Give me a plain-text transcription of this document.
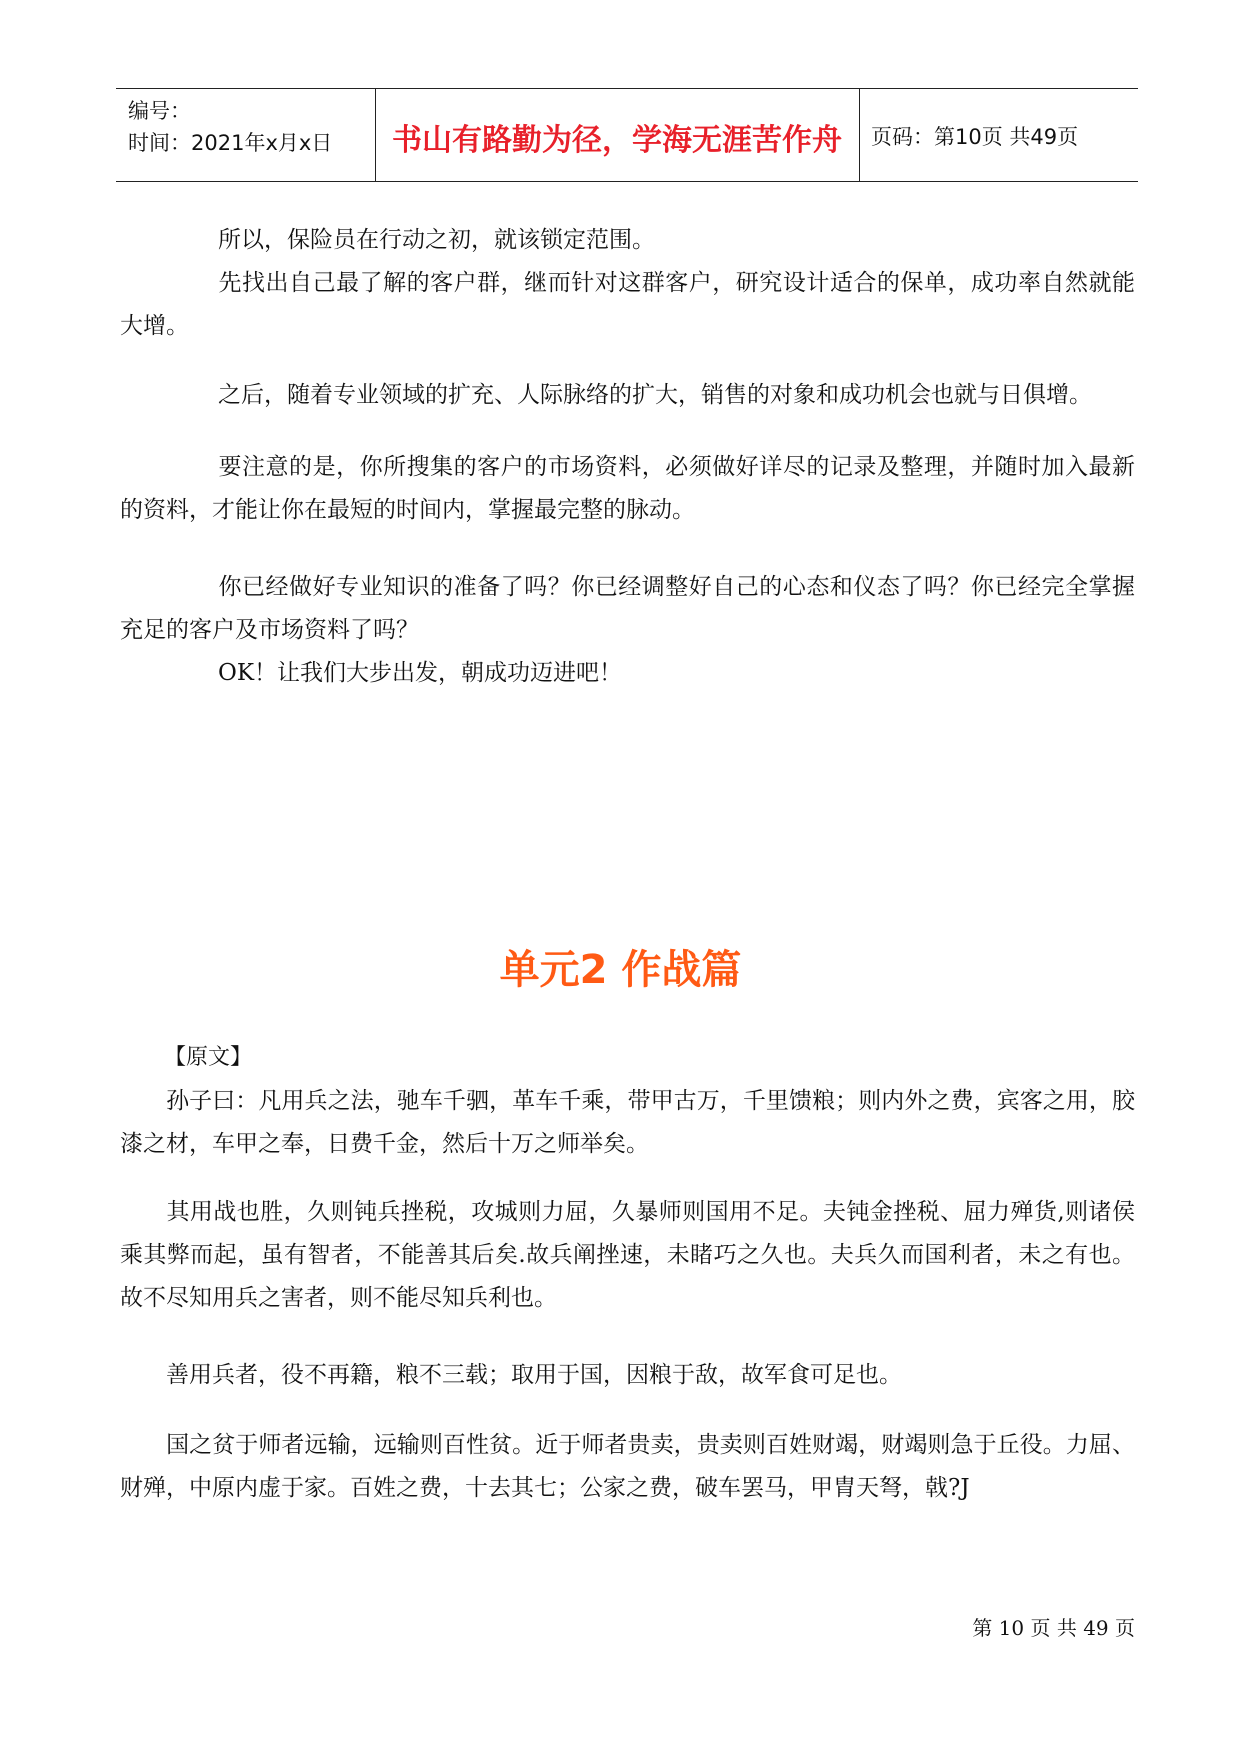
编号：
时间：2021年x月x日	书山有路勤为径，学海无涯苦作舟	页码：第10页 共49页
所以，保险员在行动之初，就该锁定范围。
先找出自己最了解的客户群，继而针对这群客户，研究设计适合的保单，成功率自然就能大增。
之后，随着专业领域的扩充、人际脉络的扩大，销售的对象和成功机会也就与日俱增。
要注意的是，你所搜集的客户的市场资料，必须做好详尽的记录及整理，并随时加入最新的资料，才能让你在最短的时间内，掌握最完整的脉动。
你已经做好专业知识的准备了吗？你已经调整好自己的心态和仪态了吗？你已经完全掌握充足的客户及市场资料了吗？
OK！让我们大步出发，朝成功迈进吧！
单元2 作战篇
【原文】
孙子曰：凡用兵之法，驰车千驷，革车千乘，带甲古万，千里馈粮；则内外之费，宾客之用，胶漆之材，车甲之奉，日费千金，然后十万之师举矣。
其用战也胜，久则钝兵挫税，攻城则力屈，久暴师则国用不足。夫钝金挫税、屈力殚货,则诸侯乘其弊而起，虽有智者，不能善其后矣.故兵阐挫速，未睹巧之久也。夫兵久而国利者，未之有也。故不尽知用兵之害者，则不能尽知兵利也。
善用兵者，役不再籍，粮不三载；取用于国，因粮于敌，故军食可足也。
国之贫于师者远输，远输则百性贫。近于师者贵卖，贵卖则百姓财竭，财竭则急于丘役。力屈、财殚，中原内虚于家。百姓之费，十去其七；公家之费，破车罢马，甲胄天弩，戟?J
第 10 页 共 49 页
